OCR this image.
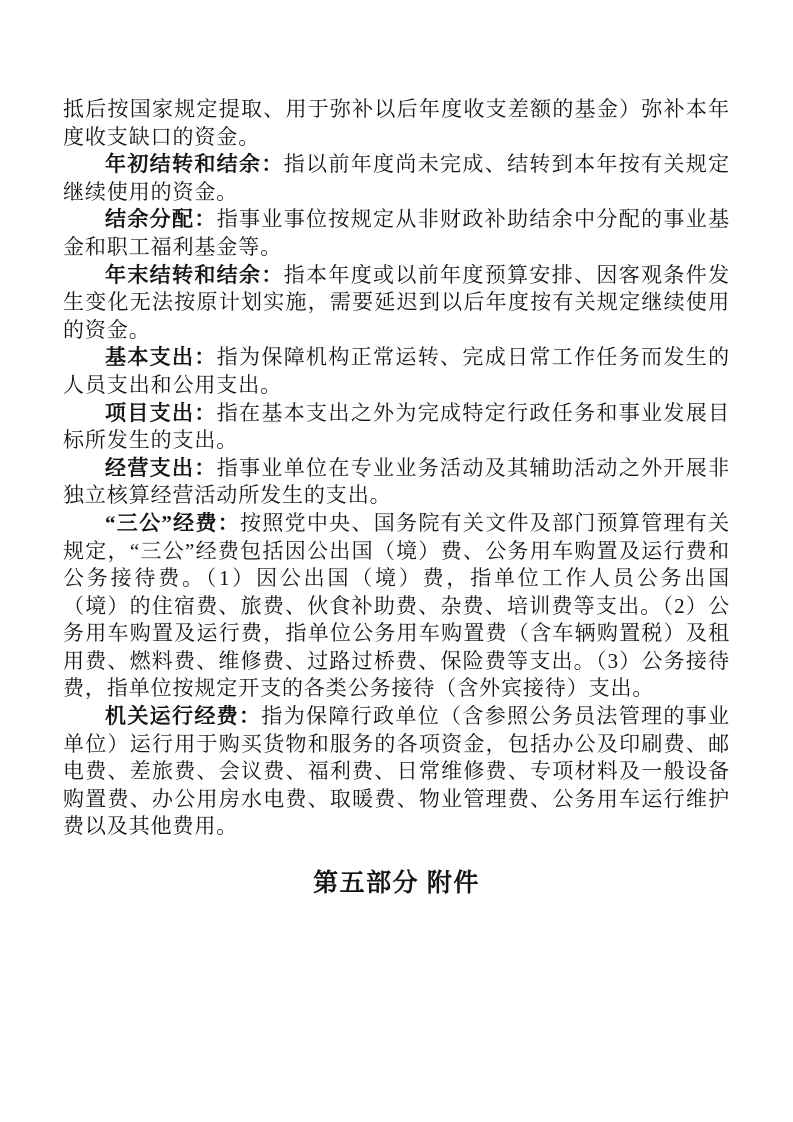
抵后按国家规定提取、用于弥补以后年度收支差额的基金）弥补本年度收支缺口的资金。

年初结转和结余：指以前年度尚未完成、结转到本年按有关规定继续使用的资金。

结余分配：指事业事位按规定从非财政补助结余中分配的事业基金和职工福利基金等。

年末结转和结余：指本年度或以前年度预算安排、因客观条件发生变化无法按原计划实施，需要延迟到以后年度按有关规定继续使用的资金。

基本支出：指为保障机构正常运转、完成日常工作任务而发生的人员支出和公用支出。

项目支出：指在基本支出之外为完成特定行政任务和事业发展目标所发生的支出。

经营支出：指事业单位在专业业务活动及其辅助活动之外开展非独立核算经营活动所发生的支出。

“三公”经费：按照党中央、国务院有关文件及部门预算管理有关规定，“三公”经费包括因公出国（境）费、公务用车购置及运行费和公务接待费。（1）因公出国（境）费，指单位工作人员公务出国（境）的住宿费、旅费、伙食补助费、杂费、培训费等支出。（2）公务用车购置及运行费，指单位公务用车购置费（含车辆购置税）及租用费、燃料费、维修费、过路过桥费、保险费等支出。（3）公务接待费，指单位按规定开支的各类公务接待（含外宾接待）支出。

机关运行经费：指为保障行政单位（含参照公务员法管理的事业单位）运行用于购买货物和服务的各项资金，包括办公及印刷费、邮电费、差旅费、会议费、福利费、日常维修费、专项材料及一般设备购置费、办公用房水电费、取暖费、物业管理费、公务用车运行维护费以及其他费用。

第五部分 附件
